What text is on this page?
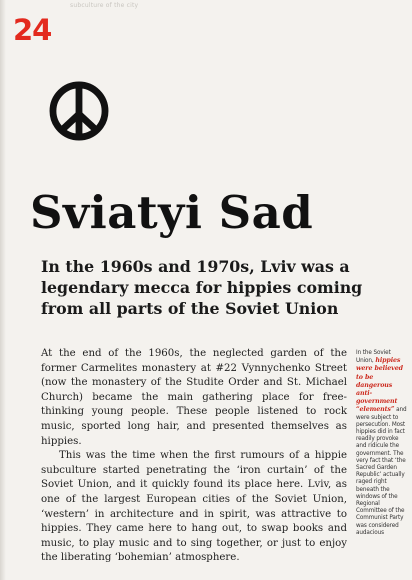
subculture of the city
24
Sviatyi Sad
In the 1960s and 1970s, Lviv was a legendary mecca for hippies coming from all parts of the Soviet Union

At the end of the 1960s, the neglected garden of the former Carmelites monastery at #22 Vynnychenko Street (now the monastery of the Studite Order and St. Michael Church) became the main gathering place for free-thinking young people. These people listened to rock music, sported long hair, and presented themselves as hippies.

This was the time when the first rumours of a hippie subculture started penetrating the ‘iron curtain’ of the Soviet Union, and it quickly found its place here. Lviv, as one of the largest European cities of the Soviet Union, ‘western’ in architecture and in spirit, was attractive to hippies. They came here to hang out, to swap books and music, to play music and to sing together, or just to enjoy the liberating ‘bohemian’ atmosphere.

In the Soviet Union, hippies were believed to be dangerous anti-government “elements” and were subject to persecution. Most hippies did in fact readily provoke and ridicule the government. The very fact that ‘the Sacred Garden Republic’ actually raged right beneath the windows of the Regional Committee of the Communist Party was considered audacious
